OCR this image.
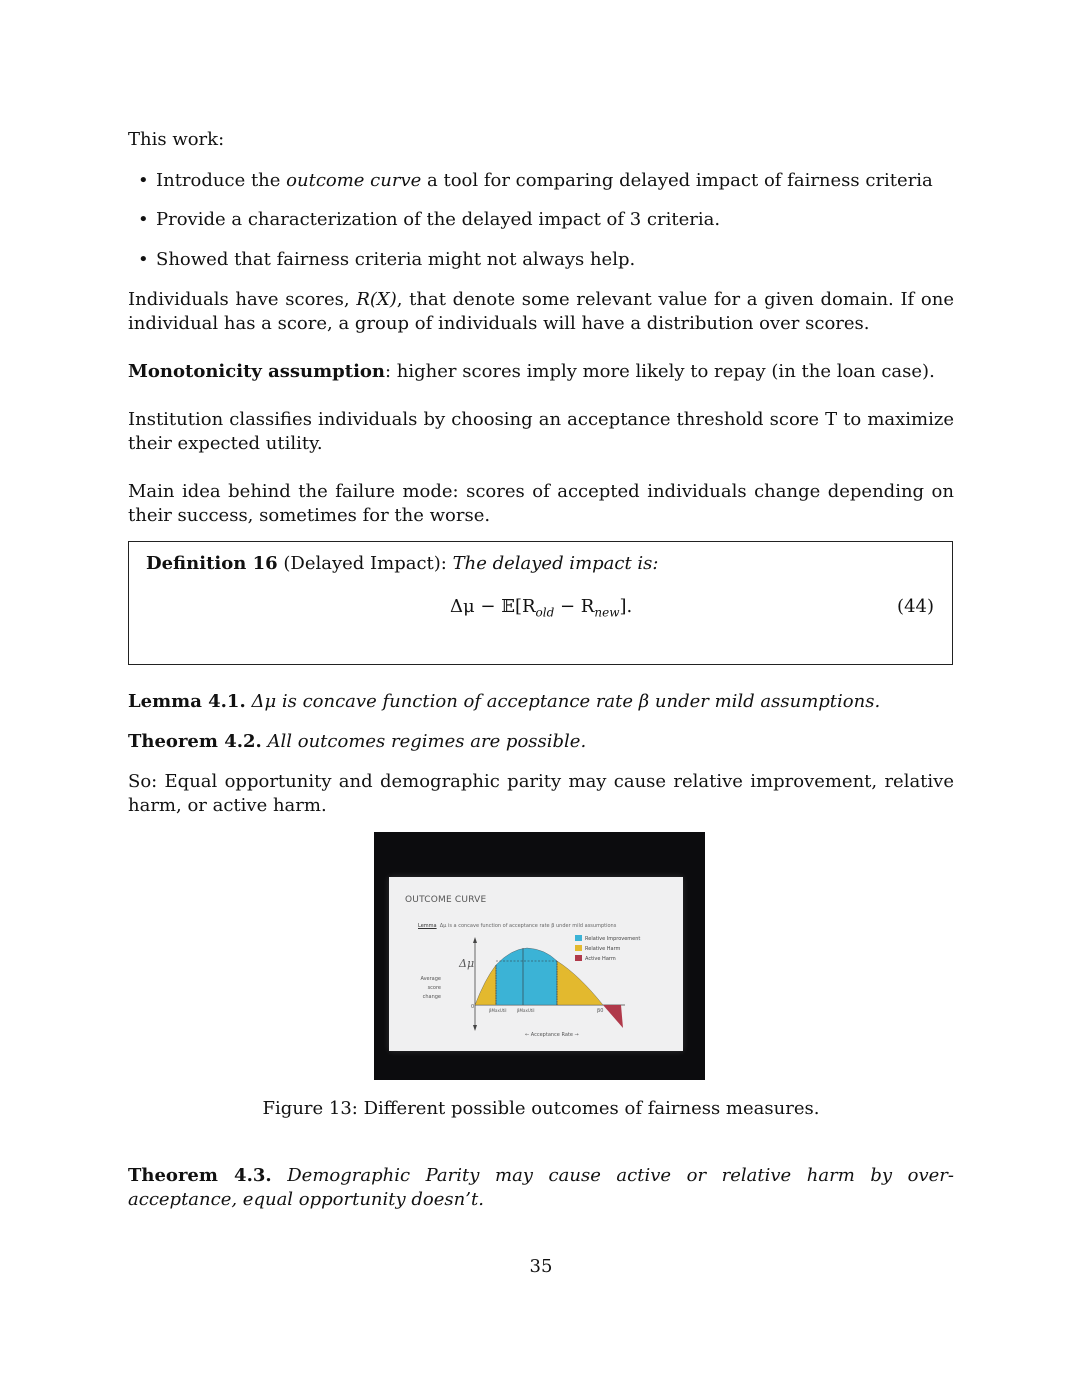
This work:

• Introduce the outcome curve a tool for comparing delayed impact of fairness criteria
• Provide a characterization of the delayed impact of 3 criteria.
• Showed that fairness criteria might not always help.

Individuals have scores, R(X), that denote some relevant value for a given domain. If one individual has a score, a group of individuals will have a distribution over scores.

Monotonicity assumption: higher scores imply more likely to repay (in the loan case).

Institution classifies individuals by choosing an acceptance threshold score T to maximize their expected utility.

Main idea behind the failure mode: scores of accepted individuals change depending on their success, sometimes for the worse.

Definition 16 (Delayed Impact): The delayed impact is:

$\Delta\mu - 𝔼[R_{old} - R_{new}]$.	(44)

Lemma 4.1. Δμ is concave function of acceptance rate β under mild assumptions.

Theorem 4.2. All outcomes regimes are possible.

So: Equal opportunity and demographic parity may cause relative improvement, relative harm, or active harm.

OUTCOME CURVE
Lemma Δμ is a concave function of acceptance rate β under mild assumptions
Relative Improvement
Relative Harm
Active Harm
Δμ
Average
score
change
0
βMaxUtil	βMaxUtil	β0
← Acceptance Rate →
Figure 13: Different possible outcomes of fairness measures.

Theorem 4.3. Demographic Parity may cause active or relative harm by over-acceptance, equal opportunity doesn’t.

35
